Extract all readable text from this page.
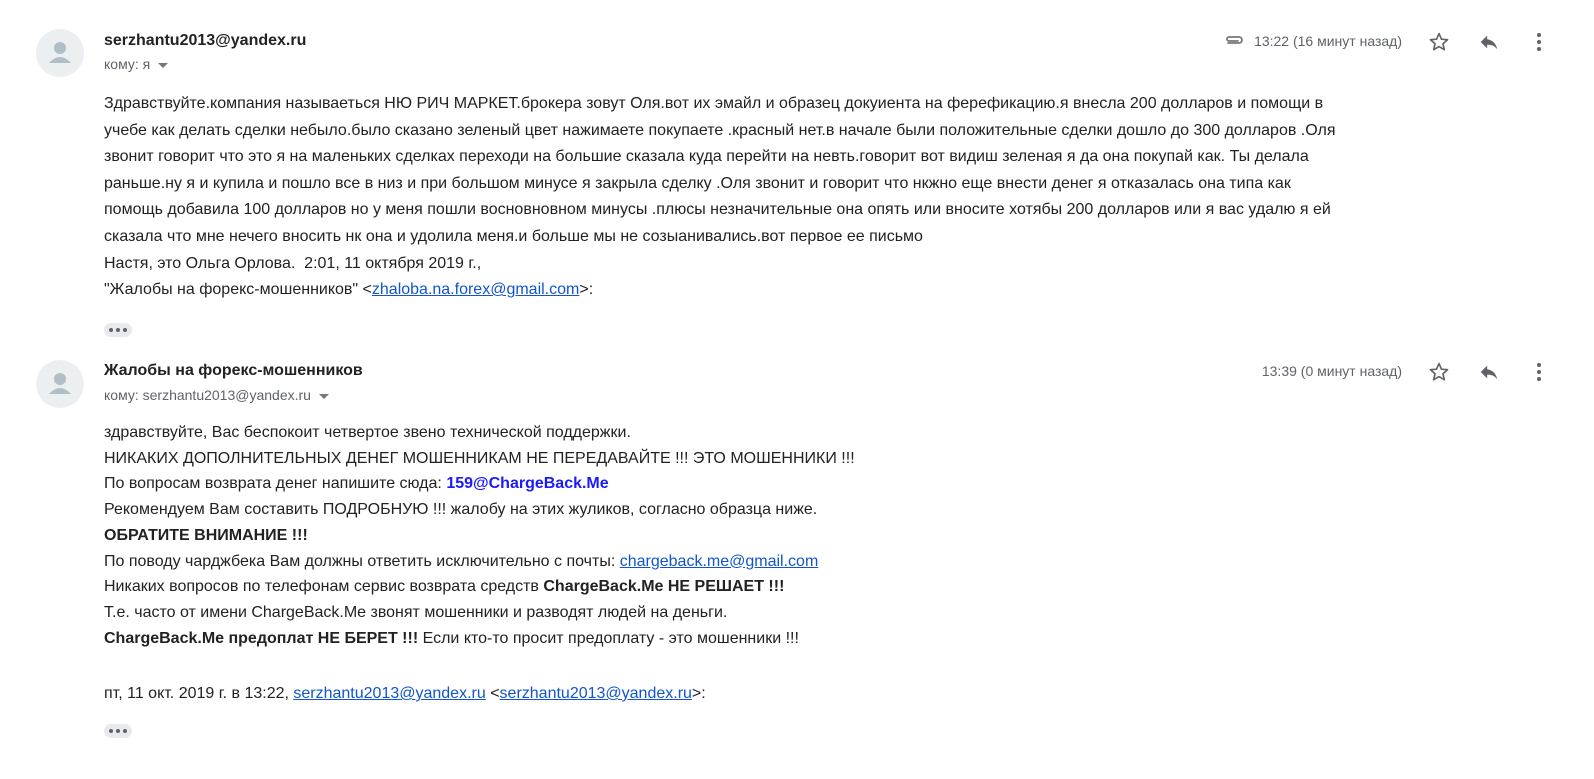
serzhantu2013@yandex.ru
кому: я
13:22 (16 минут назад)
Здравствуйте.компания называеться НЮ РИЧ МАРКЕТ.брокера зовут Оля.вот их эмайл и образец докуиента на ферефикацию.я внесла 200 долларов и помощи в
учебе как делать сделки небыло.было сказано зеленый цвет нажимаете покупаете .красный нет.в начале были положительные сделки дошло до 300 долларов .Оля
звонит говорит что это я на маленьких сделках переходи на большие сказала куда перейти на невть.говорит вот видиш зеленая я да она покупай как. Ты делала
раньше.ну я и купила и пошло все в низ и при большом минусе я закрыла сделку .Оля звонит и говорит что нкжно еще внести денег я отказалась она типа как
помощь добавила 100 долларов но у меня пошли восновновном минусы .плюсы незначительные она опять или вносите хотябы 200 долларов или я вас удалю я ей
сказала что мне нечего вносить нк она и удолила меня.и больше мы не созыанивались.вот первое ее письмо
Настя, это Ольга Орлова.  2:01, 11 октября 2019 г.,
"Жалобы на форекс-мошенников" <zhaloba.na.forex@gmail.com>:
Жалобы на форекс-мошенников
кому: serzhantu2013@yandex.ru
13:39 (0 минут назад)
здравствуйте, Вас беспокоит четвертое звено технической поддержки.
НИКАКИХ ДОПОЛНИТЕЛЬНЫХ ДЕНЕГ МОШЕННИКАМ НЕ ПЕРЕДАВАЙТЕ !!! ЭТО МОШЕННИКИ !!!
По вопросам возврата денег напишите сюда: 159@ChargeBack.Me
Рекомендуем Вам составить ПОДРОБНУЮ !!! жалобу на этих жуликов, согласно образца ниже.
ОБРАТИТЕ ВНИМАНИЕ !!!
По поводу чарджбека Вам должны ответить исключительно с почты: chargeback.me@gmail.com
Никаких вопросов по телефонам сервис возврата средств ChargeBack.Me НЕ РЕШАЕТ !!!
Т.е. часто от имени ChargeBack.Me звонят мошенники и разводят людей на деньги.
ChargeBack.Me предоплат НЕ БЕРЕТ !!! Если кто-то просит предоплату - это мошенники !!!
пт, 11 окт. 2019 г. в 13:22, serzhantu2013@yandex.ru <serzhantu2013@yandex.ru>:
